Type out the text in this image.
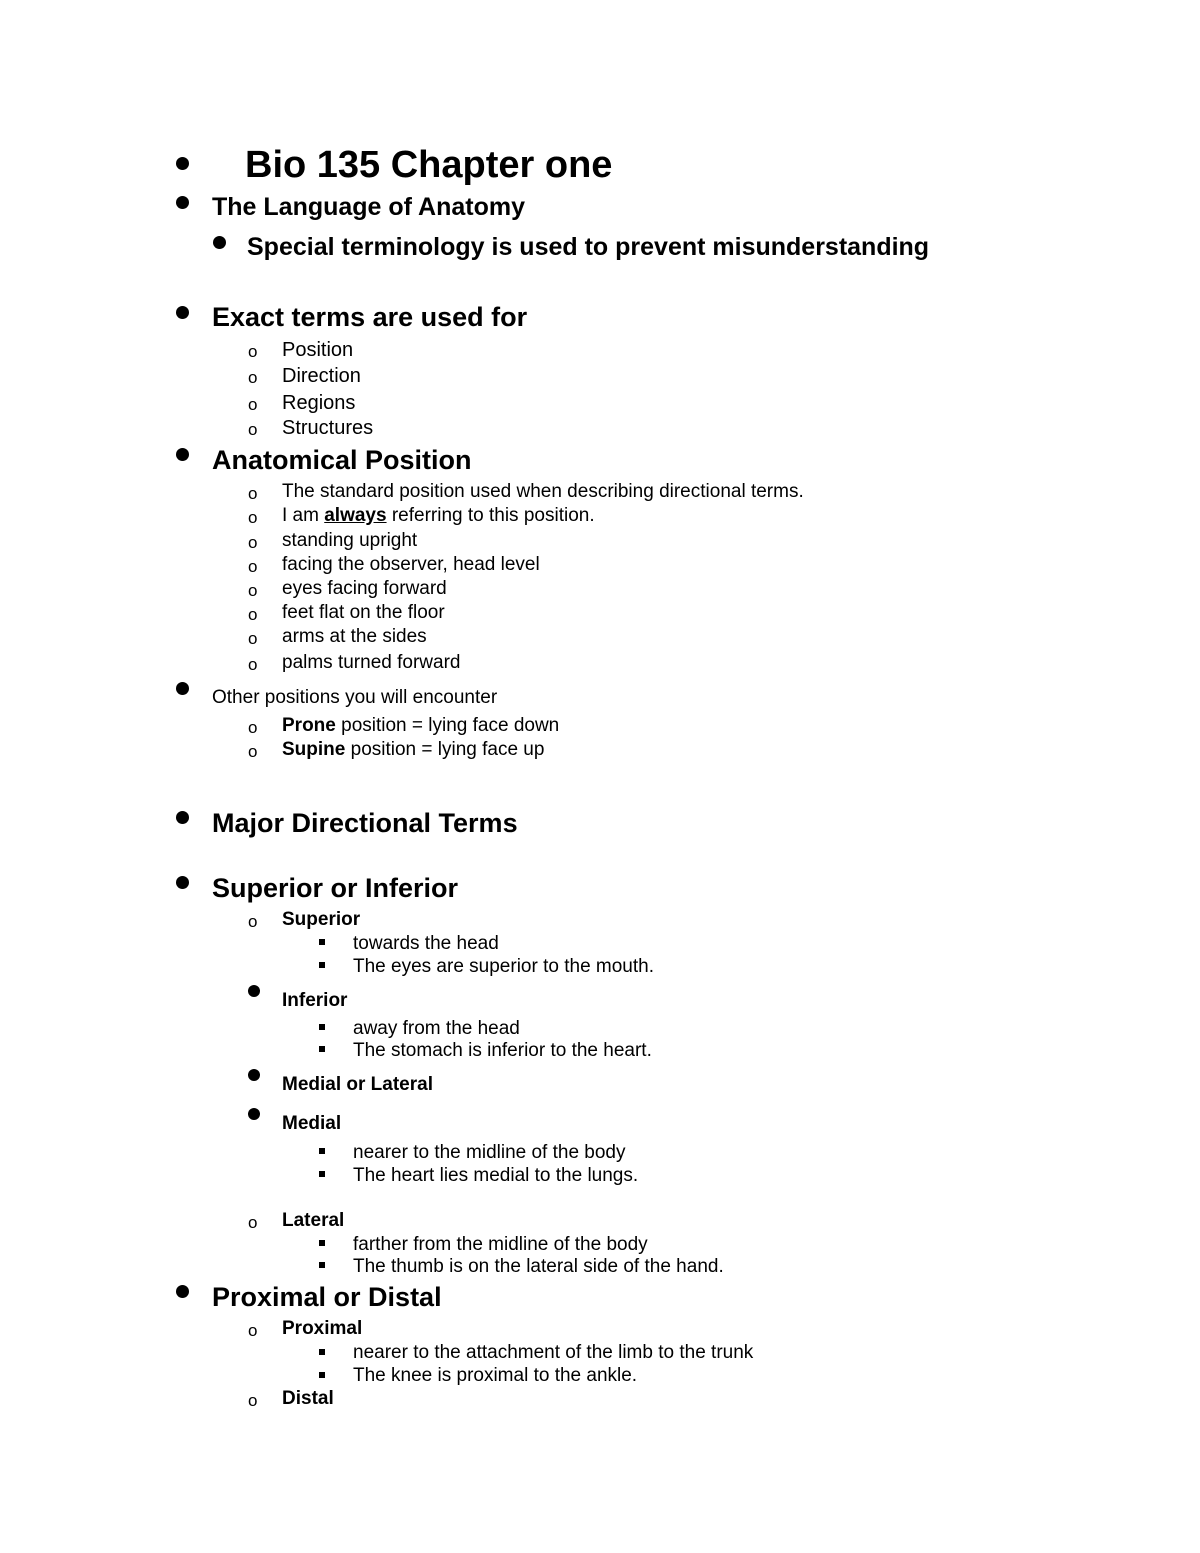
Bio 135 Chapter one
The Language of Anatomy
Special terminology is used to prevent misunderstanding
Exact terms are used for
o Position
o Direction
o Regions
o Structures
Anatomical Position
o The standard position used when describing directional terms.
o I am always referring to this position.
o standing upright
o facing the observer, head level
o eyes facing forward
o feet flat on the floor
o arms at the sides
o palms turned forward
Other positions you will encounter
o Prone position = lying face down
o Supine position = lying face up
Major Directional Terms
Superior or Inferior
o Superior
towards the head
The eyes are superior to the mouth.
Inferior
away from the head
The stomach is inferior to the heart.
Medial or Lateral
Medial
nearer to the midline of the body
The heart lies medial to the lungs.
o Lateral
farther from the midline of the body
The thumb is on the lateral side of the hand.
Proximal or Distal
o Proximal
nearer to the attachment of the limb to the trunk
The knee is proximal to the ankle.
o Distal
